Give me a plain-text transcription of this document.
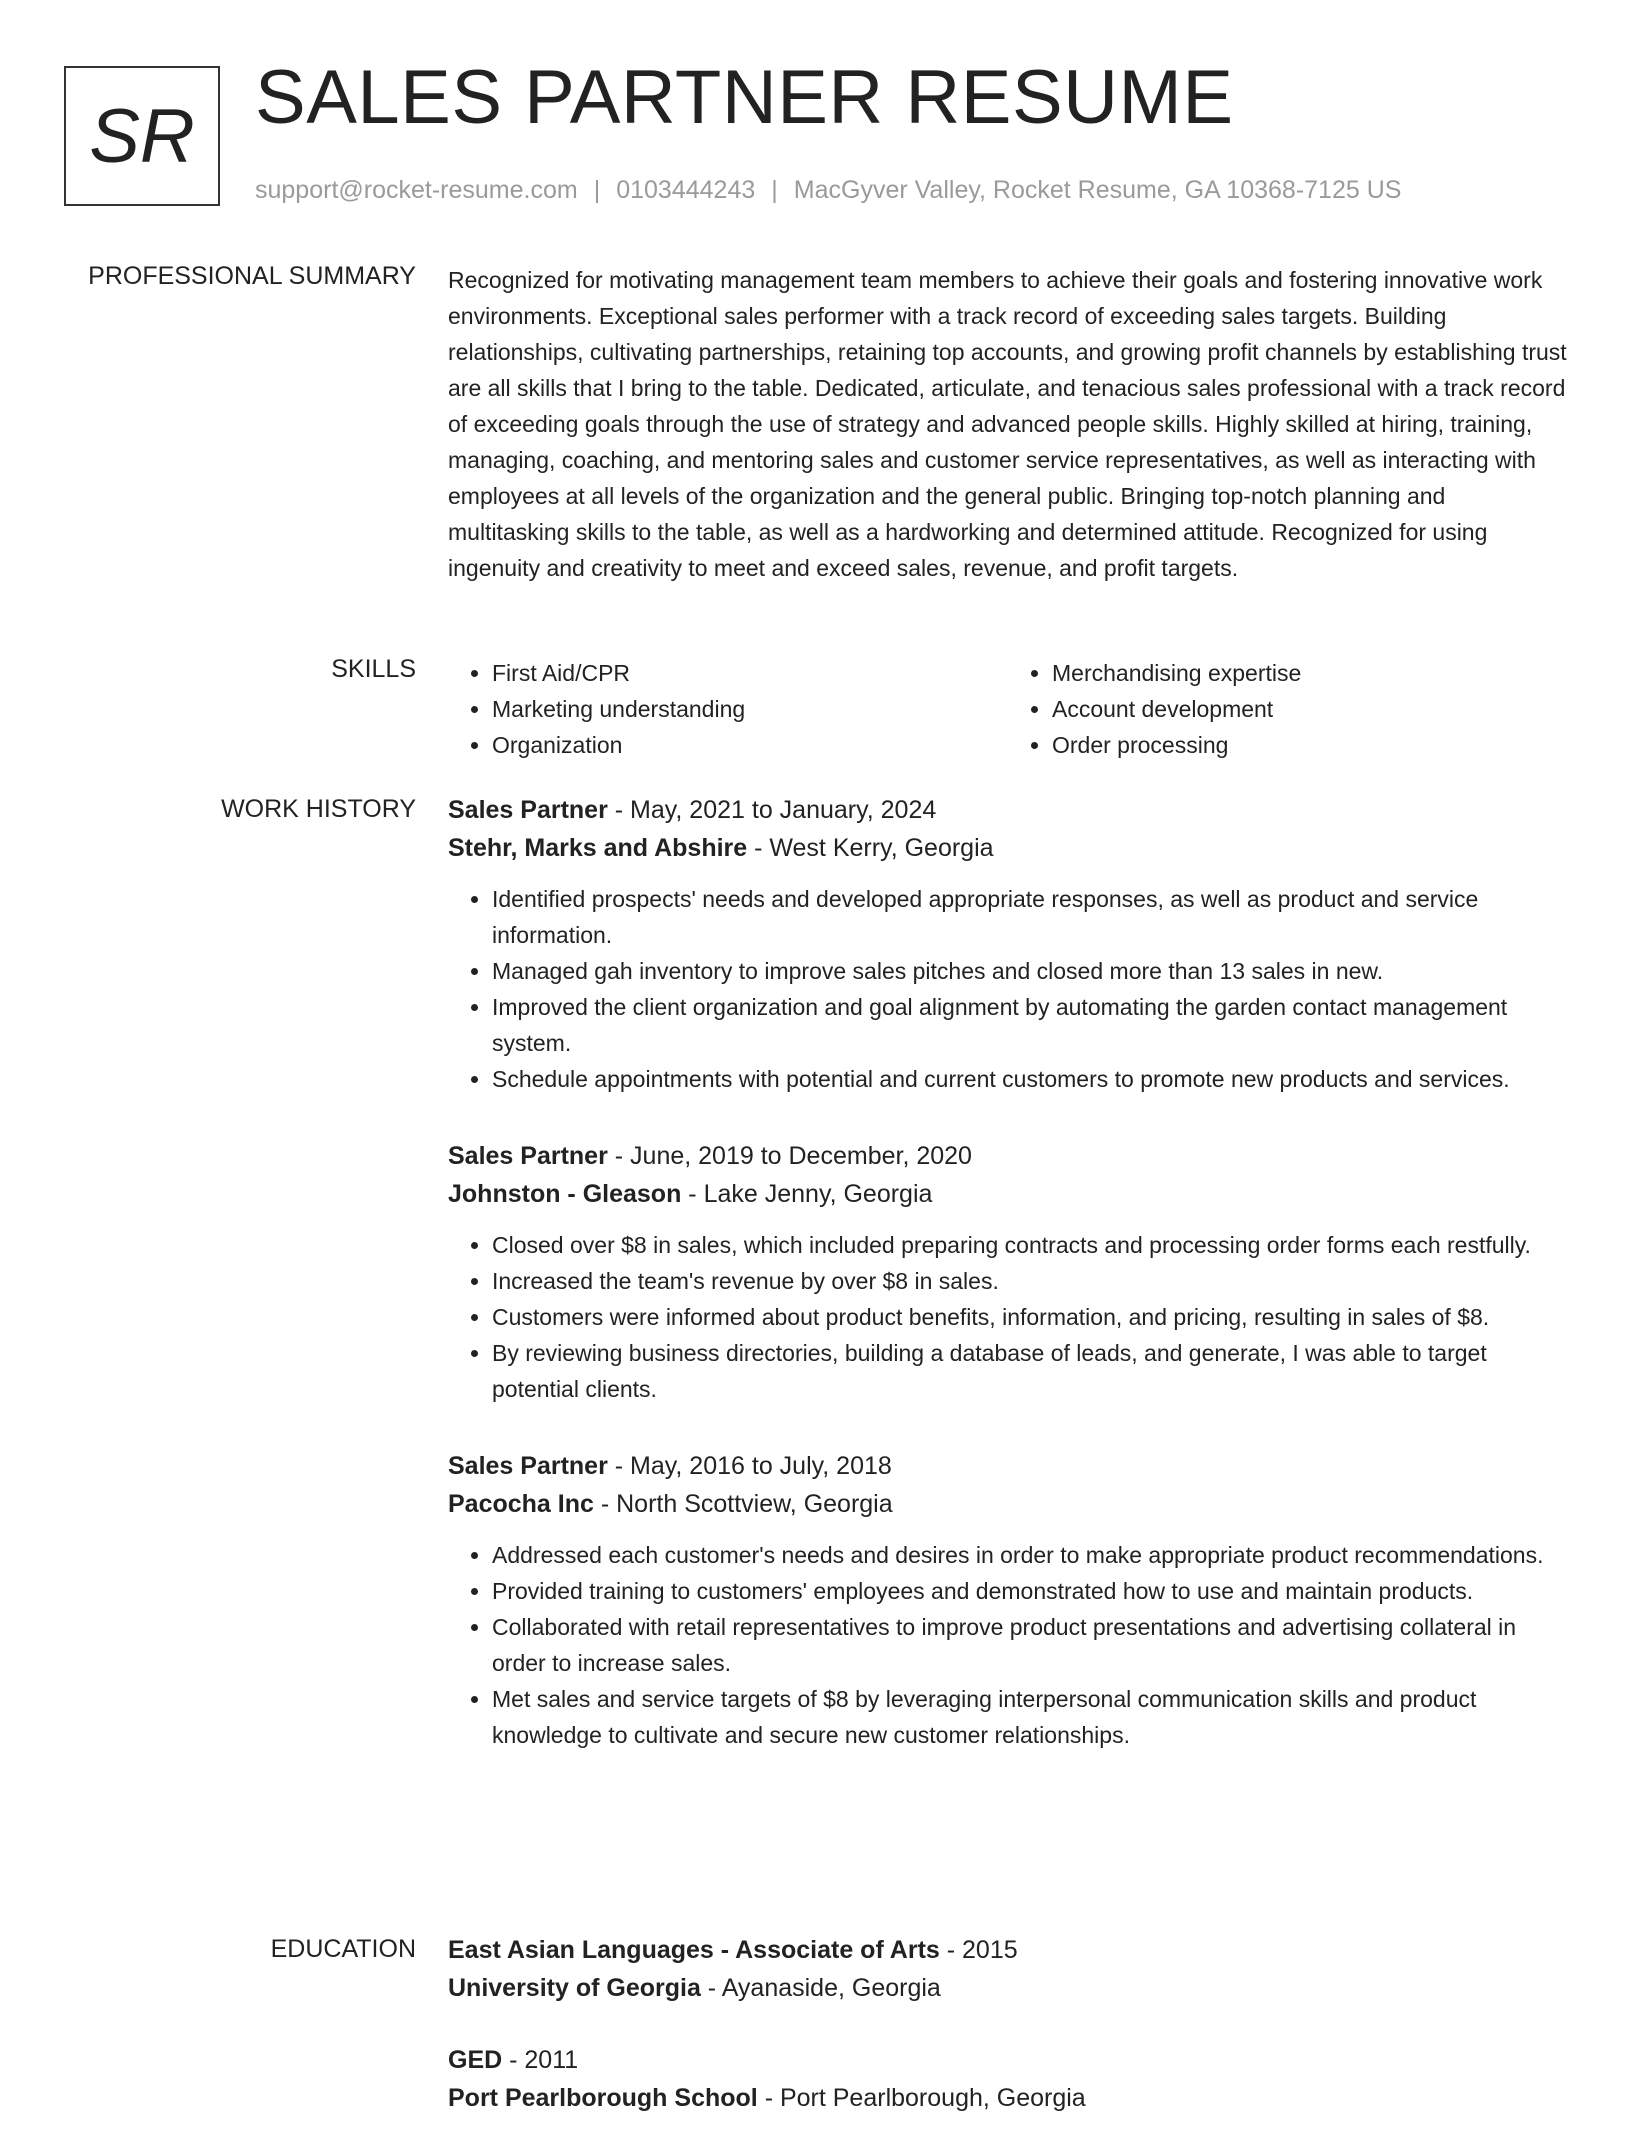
SR SALES PARTNER RESUME
support@rocket-resume.com | 0103444243 | MacGyver Valley, Rocket Resume, GA 10368-7125 US
PROFESSIONAL SUMMARY Recognized for motivating management team members to achieve their goals and fostering innovative work environments. Exceptional sales performer with a track record of exceeding sales targets. Building relationships, cultivating partnerships, retaining top accounts, and growing profit channels by establishing trust are all skills that I bring to the table. Dedicated, articulate, and tenacious sales professional with a track record of exceeding goals through the use of strategy and advanced people skills. Highly skilled at hiring, training, managing, coaching, and mentoring sales and customer service representatives, as well as interacting with employees at all levels of the organization and the general public. Bringing top-notch planning and multitasking skills to the table, as well as a hardworking and determined attitude. Recognized for using ingenuity and creativity to meet and exceed sales, revenue, and profit targets.

SKILLS
•	First Aid/CPR
• Marketing understanding
• Organization
• Merchandising expertise
• Account development
• Order processing
WORK HISTORY Sales Partner - May, 2021 to January, 2024
Stehr, Marks and Abshire - West Kerry, Georgia
• Identified prospects' needs and developed appropriate responses, as well as product and service information.
• Managed gah inventory to improve sales pitches and closed more than 13 sales in new.
• Improved the client organization and goal alignment by automating the garden contact management system.
• Schedule appointments with potential and current customers to promote new products and services.
Sales Partner - June, 2019 to December, 2020
Johnston - Gleason - Lake Jenny, Georgia
• Closed over $8 in sales, which included preparing contracts and processing order forms each restfully.
• Increased the team's revenue by over $8 in sales.
• Customers were informed about product benefits, information, and pricing, resulting in sales of $8.
• By reviewing business directories, building a database of leads, and generate, I was able to target potential clients.
Sales Partner - May, 2016 to July, 2018
Pacocha Inc - North Scottview, Georgia
• Addressed each customer's needs and desires in order to make appropriate product recommendations.
• Provided training to customers' employees and demonstrated how to use and maintain products.
• Collaborated with retail representatives to improve product presentations and advertising collateral in order to increase sales.
• Met sales and service targets of $8 by leveraging interpersonal communication skills and product knowledge to cultivate and secure new customer relationships.
EDUCATION East Asian Languages - Associate of Arts - 2015
University of Georgia - Ayanaside, Georgia
GED - 2011
Port Pearlborough School - Port Pearlborough, Georgia
